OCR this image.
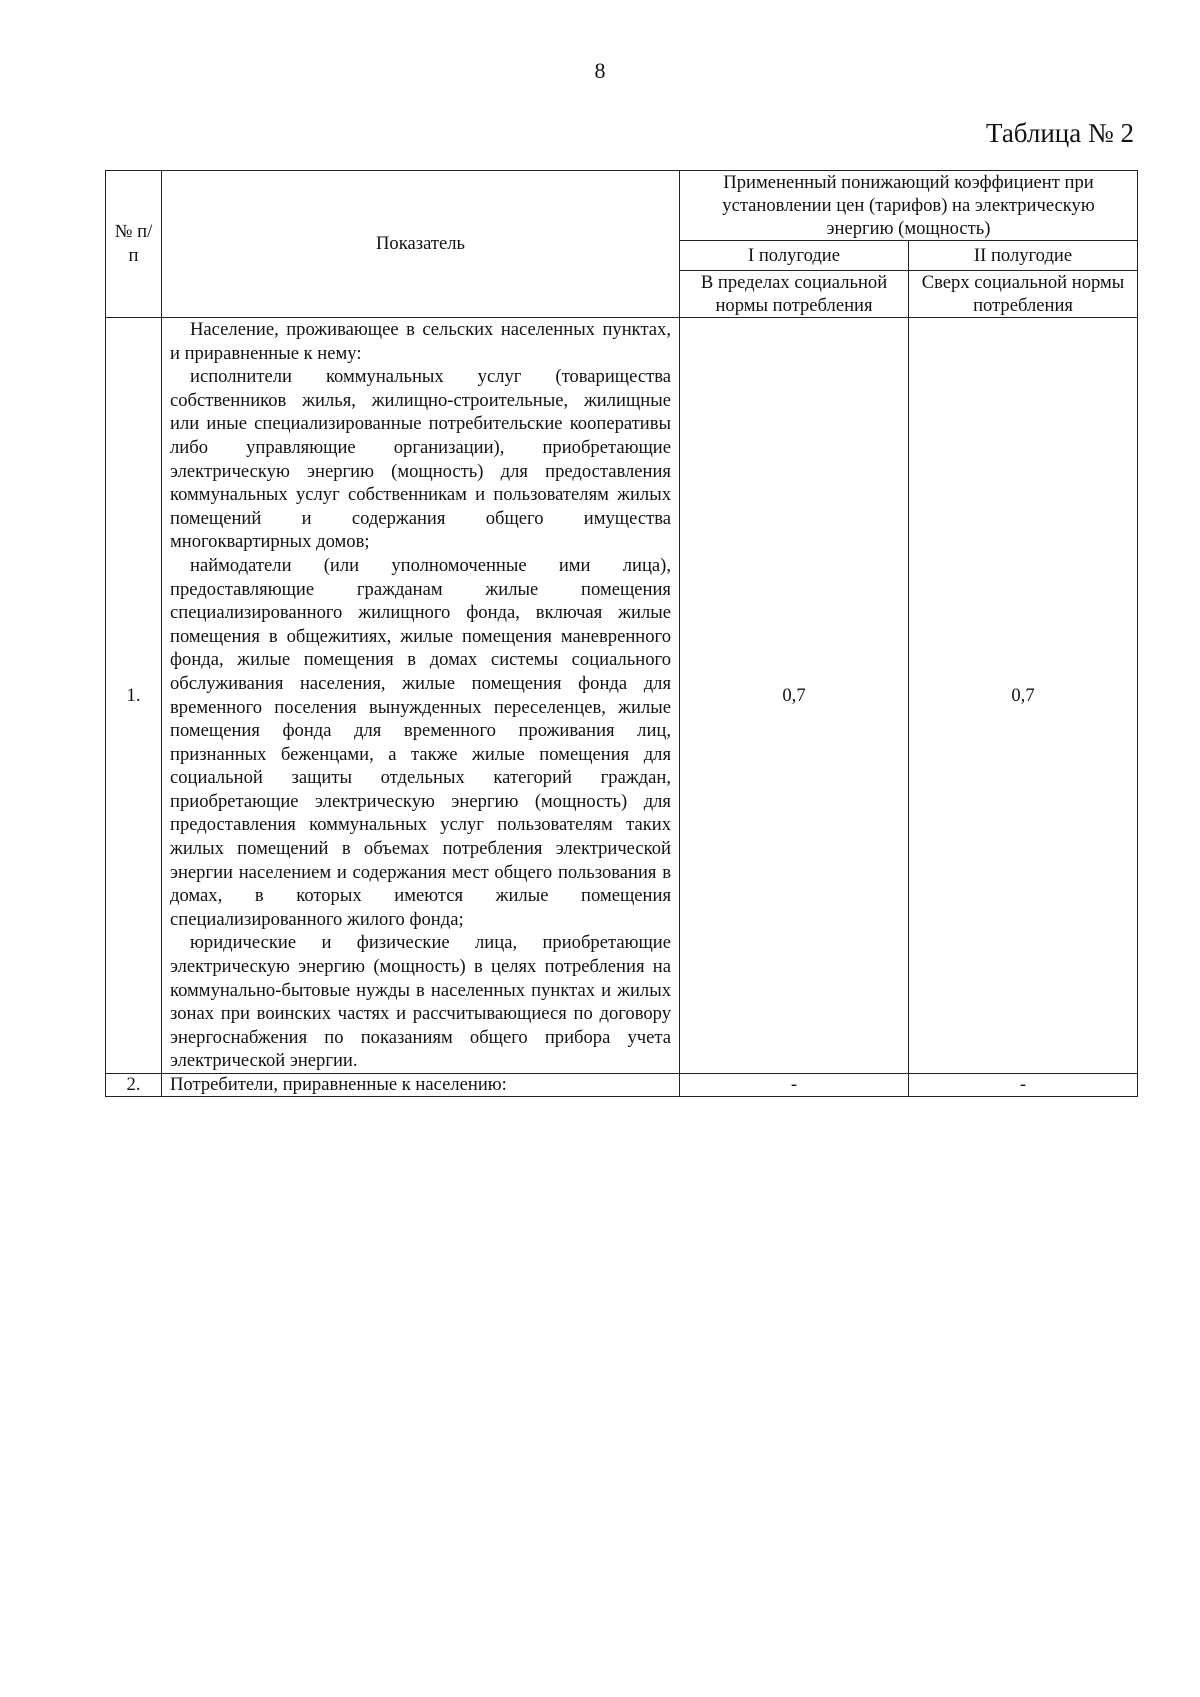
8
Таблица № 2
№ п/п	Показатель	Примененный понижающий коэффициент при установлении цен (тарифов) на электрическую энергию (мощность)	
		I полугодие	II полугодие
		В пределах социальной нормы потребления	Сверх социальной нормы потребления
1.	Население, проживающее в сельских населенных пунктах, и приравненные к нему:

исполнители коммунальных услуг (товарищества собственников жилья, жилищно-строительные, жилищные или иные специализированные потребительские кооперативы либо управляющие организации), приобретающие электрическую энергию (мощность) для предоставления коммунальных услуг собственникам и пользователям жилых помещений и содержания общего имущества многоквартирных домов;

наймодатели (или уполномоченные ими лица), предоставляющие гражданам жилые помещения специализированного жилищного фонда, включая жилые помещения в общежитиях, жилые помещения маневренного фонда, жилые помещения в домах системы социального обслуживания населения, жилые помещения фонда для временного поселения вынужденных переселенцев, жилые помещения фонда для временного проживания лиц, признанных беженцами, а также жилые помещения для социальной защиты отдельных категорий граждан, приобретающие электрическую энергию (мощность) для предоставления коммунальных услуг пользователям таких жилых помещений в объемах потребления электрической энергии населением и содержания мест общего пользования в домах, в которых имеются жилые помещения специализированного жилого фонда;

юридические и физические лица, приобретающие электрическую энергию (мощность) в целях потребления на коммунально-бытовые нужды в населенных пунктах и жилых зонах при воинских частях и рассчитывающиеся по договору энергоснабжения по показаниям общего прибора учета электрической энергии.	0,7	0,7
2.	Потребители, приравненные к населению:	-	-
